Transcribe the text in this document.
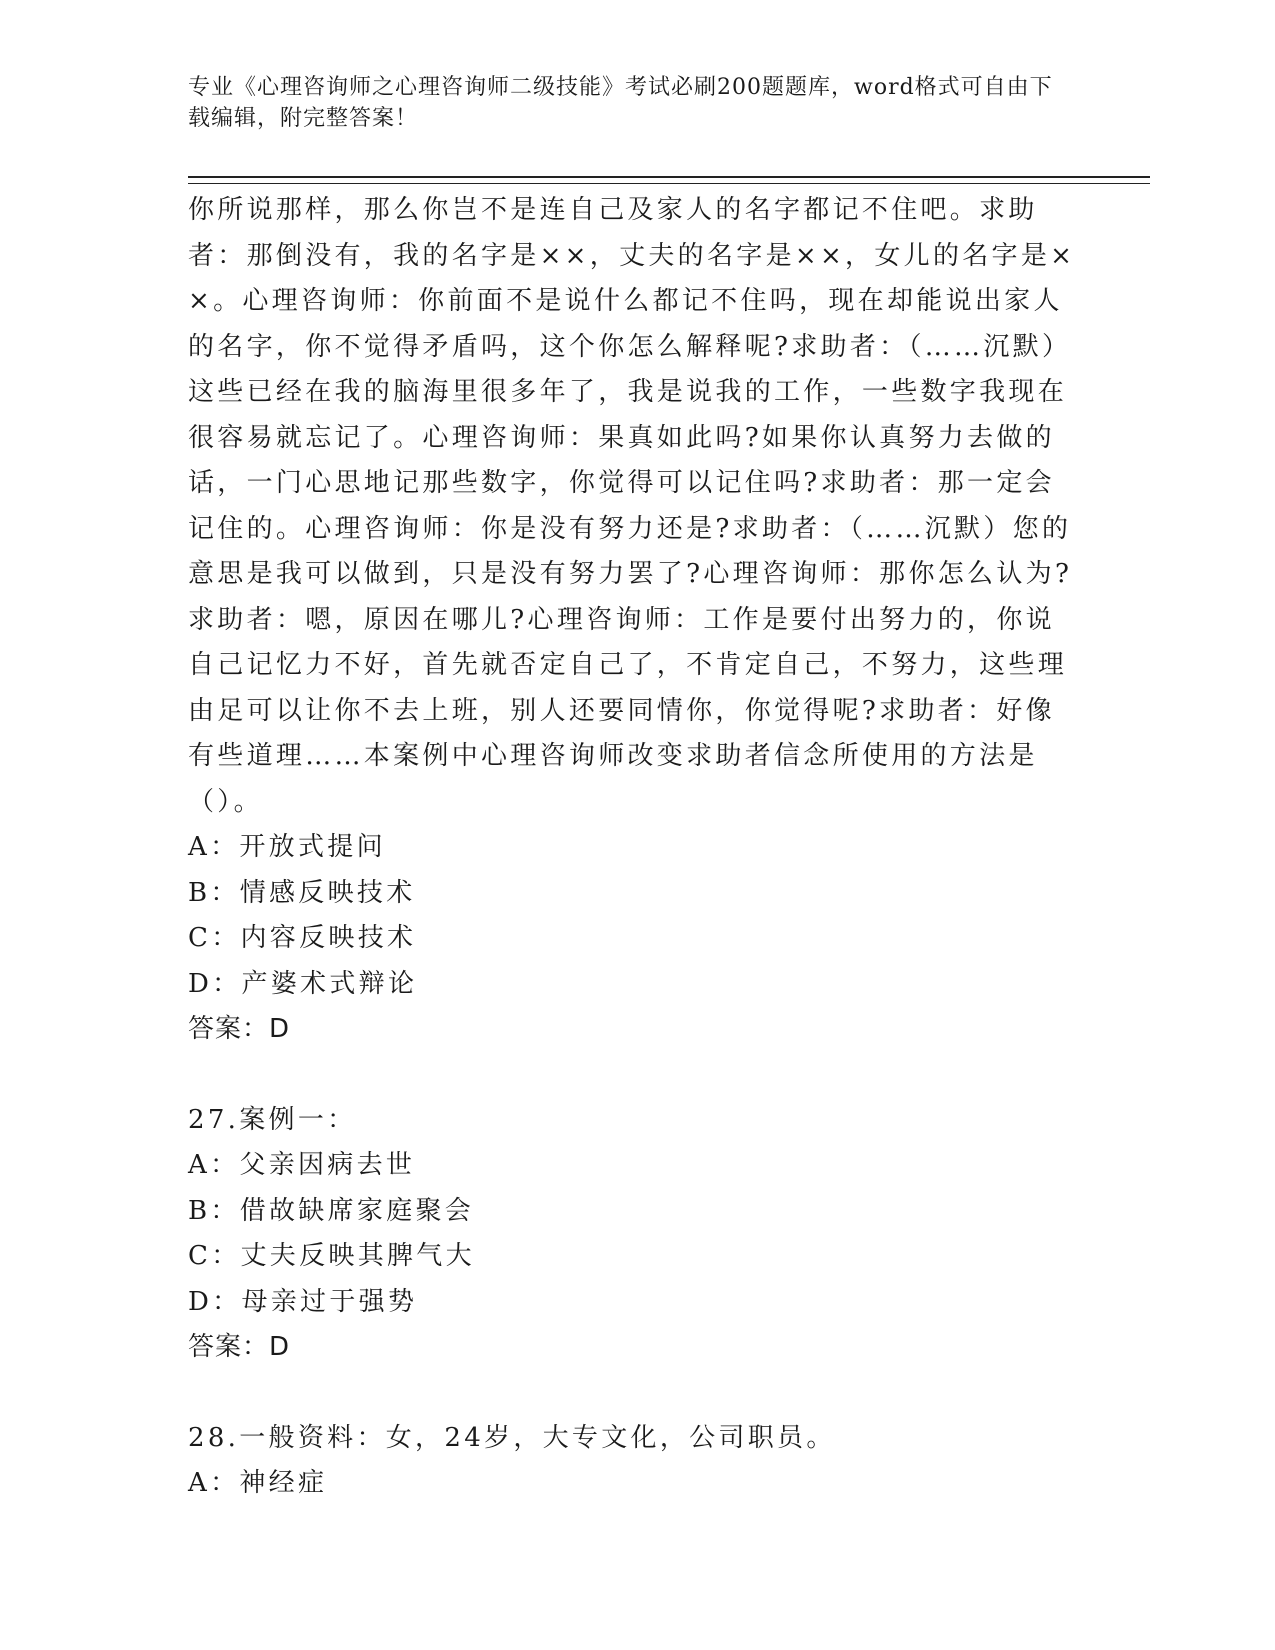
专业《心理咨询师之心理咨询师二级技能》考试必刷200题题库，word格式可自由下载编辑，附完整答案！

你所说那样，那么你岂不是连自己及家人的名字都记不住吧。求助者：那倒没有，我的名字是××，丈夫的名字是××，女儿的名字是××。心理咨询师：你前面不是说什么都记不住吗，现在却能说出家人的名字，你不觉得矛盾吗，这个你怎么解释呢?求助者：（……沉默）这些已经在我的脑海里很多年了，我是说我的工作，一些数字我现在很容易就忘记了。心理咨询师：果真如此吗?如果你认真努力去做的话，一门心思地记那些数字，你觉得可以记住吗?求助者：那一定会记住的。心理咨询师：你是没有努力还是?求助者：（……沉默）您的意思是我可以做到，只是没有努力罢了?心理咨询师：那你怎么认为?求助者：嗯，原因在哪儿?心理咨询师：工作是要付出努力的，你说自己记忆力不好，首先就否定自己了，不肯定自己，不努力，这些理由足可以让你不去上班，别人还要同情你，你觉得呢?求助者：好像有些道理……本案例中心理咨询师改变求助者信念所使用的方法是（）。

A：开放式提问

B：情感反映技术

C：内容反映技术

D：产婆术式辩论

答案：D

27.案例一：

A：父亲因病去世

B：借故缺席家庭聚会

C：丈夫反映其脾气大

D：母亲过于强势

答案：D

28.一般资料：女，24岁，大专文化，公司职员。

A：神经症
